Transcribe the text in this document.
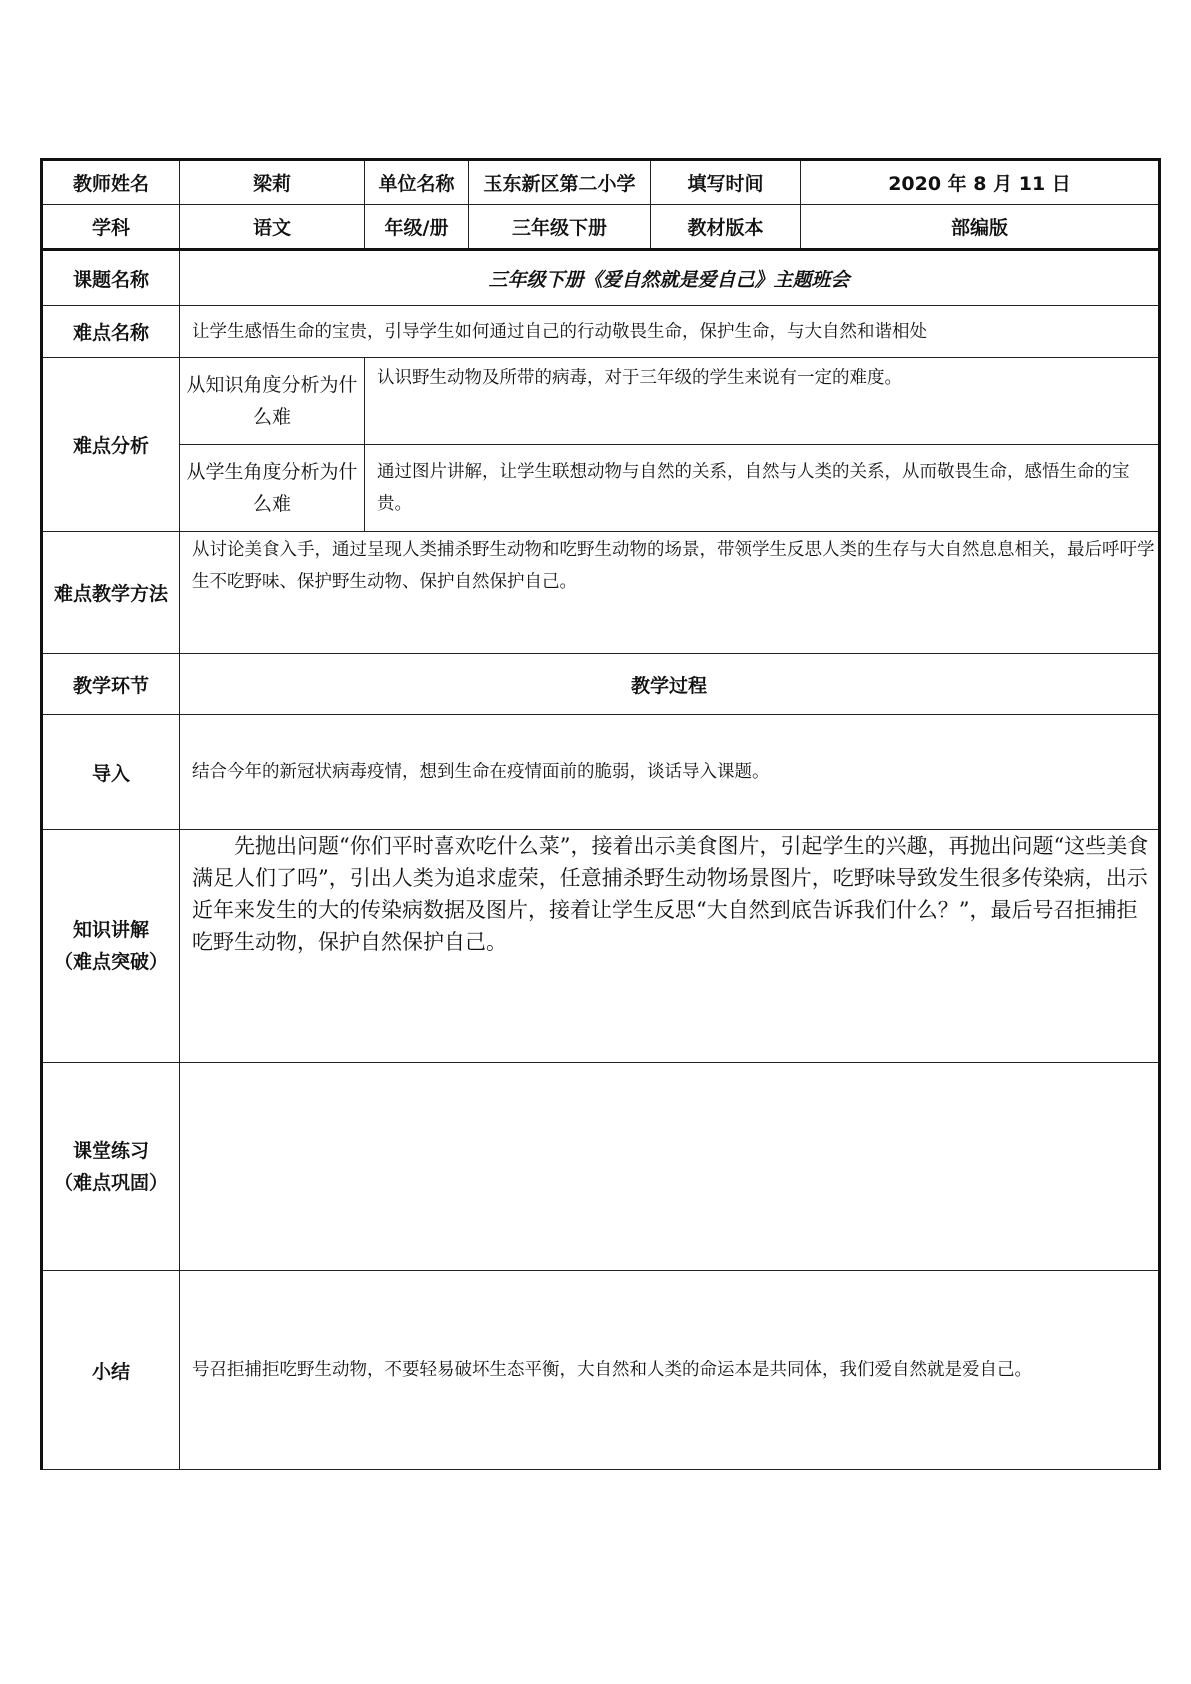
教师姓名	梁莉	单位名称	玉东新区第二小学	填写时间	2020 年 8 月 11 日
学科	语文	年级/册	三年级下册	教材版本	部编版
课题名称	三年级下册《爱自然就是爱自己》主题班会				
难点名称	让学生感悟生命的宝贵，引导学生如何通过自己的行动敬畏生命，保护生命，与大自然和谐相处				
难点分析	从知识角度分析为什么难	认识野生动物及所带的病毒，对于三年级的学生来说有一定的难度。			
	从学生角度分析为什么难	通过图片讲解，让学生联想动物与自然的关系，自然与人类的关系，从而敬畏生命，感悟生命的宝贵。			
难点教学方法	从讨论美食入手，通过呈现人类捕杀野生动物和吃野生动物的场景，带领学生反思人类的生存与大自然息息相关，最后呼吁学生不吃野味、保护野生动物、保护自然保护自己。				
教学环节	教学过程				
导入	结合今年的新冠状病毒疫情，想到生命在疫情面前的脆弱，谈话导入课题。				

知识讲解
（难点突破）	先抛出问题“你们平时喜欢吃什么菜”，接着出示美食图片，引起学生的兴趣，再抛出问题“这些美食满足人们了吗”，引出人类为追求虚荣，任意捕杀野生动物场景图片，吃野味导致发生很多传染病，出示近年来发生的大的传染病数据及图片，接着让学生反思“大自然到底告诉我们什么？”，最后号召拒捕拒吃野生动物，保护自然保护自己。				

课堂练习
（难点巩固）					

小结	号召拒捕拒吃野生动物，不要轻易破坏生态平衡，大自然和人类的命运本是共同体，我们爱自然就是爱自己。				
